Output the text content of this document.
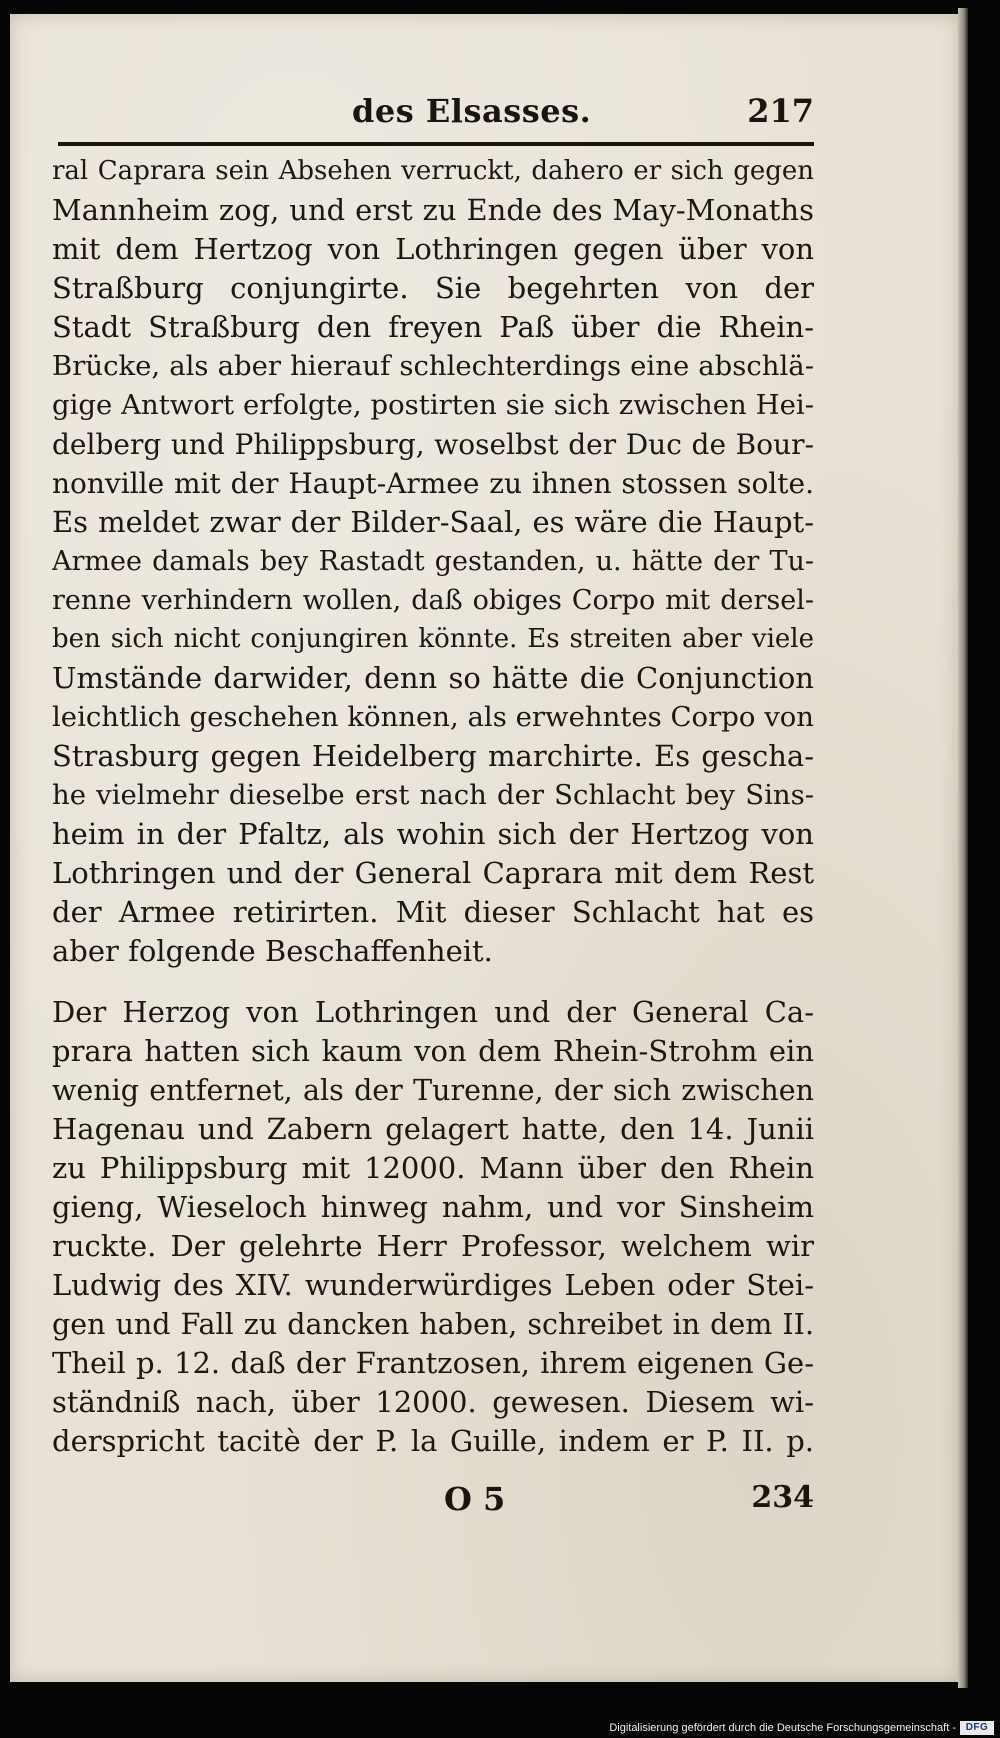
des Elsasses.	217
ral Caprara sein Absehen verruckt, dahero er sich gegen
Mannheim zog, und erst zu Ende des May-Monaths
mit dem Hertzog von Lothringen gegen über von
Straßburg conjungirte. Sie begehrten von der
Stadt Straßburg den freyen Paß über die Rhein-
Brücke, als aber hierauf schlechterdings eine abschlä-
gige Antwort erfolgte, postirten sie sich zwischen Hei-
delberg und Philippsburg, woselbst der Duc de Bour-
nonville mit der Haupt-Armee zu ihnen stossen solte.
Es meldet zwar der Bilder-Saal, es wäre die Haupt-
Armee damals bey Rastadt gestanden, u. hätte der Tu-
renne verhindern wollen, daß obiges Corpo mit dersel-
ben sich nicht conjungiren könnte. Es streiten aber viele
Umstände darwider, denn so hätte die Conjunction
leichtlich geschehen können, als erwehntes Corpo von
Strasburg gegen Heidelberg marchirte. Es gescha-
he vielmehr dieselbe erst nach der Schlacht bey Sins-
heim in der Pfaltz, als wohin sich der Hertzog von
Lothringen und der General Caprara mit dem Rest
der Armee retirirten. Mit dieser Schlacht hat es
aber folgende Beschaffenheit.
Der Herzog von Lothringen und der General Ca-
prara hatten sich kaum von dem Rhein-Strohm ein
wenig entfernet, als der Turenne, der sich zwischen
Hagenau und Zabern gelagert hatte, den 14. Junii
zu Philippsburg mit 12000. Mann über den Rhein
gieng, Wieseloch hinweg nahm, und vor Sinsheim
ruckte. Der gelehrte Herr Professor, welchem wir
Ludwig des XIV. wunderwürdiges Leben oder Stei-
gen und Fall zu dancken haben, schreibet in dem II.
Theil p. 12. daß der Frantzosen, ihrem eigenen Ge-
ständniß nach, über 12000. gewesen. Diesem wi-
derspricht tacitè der P. la Guille, indem er P. II. p.
O 5	234
Digitalisierung gefördert durch die Deutsche Forschungsgemeinschaft - DFG
